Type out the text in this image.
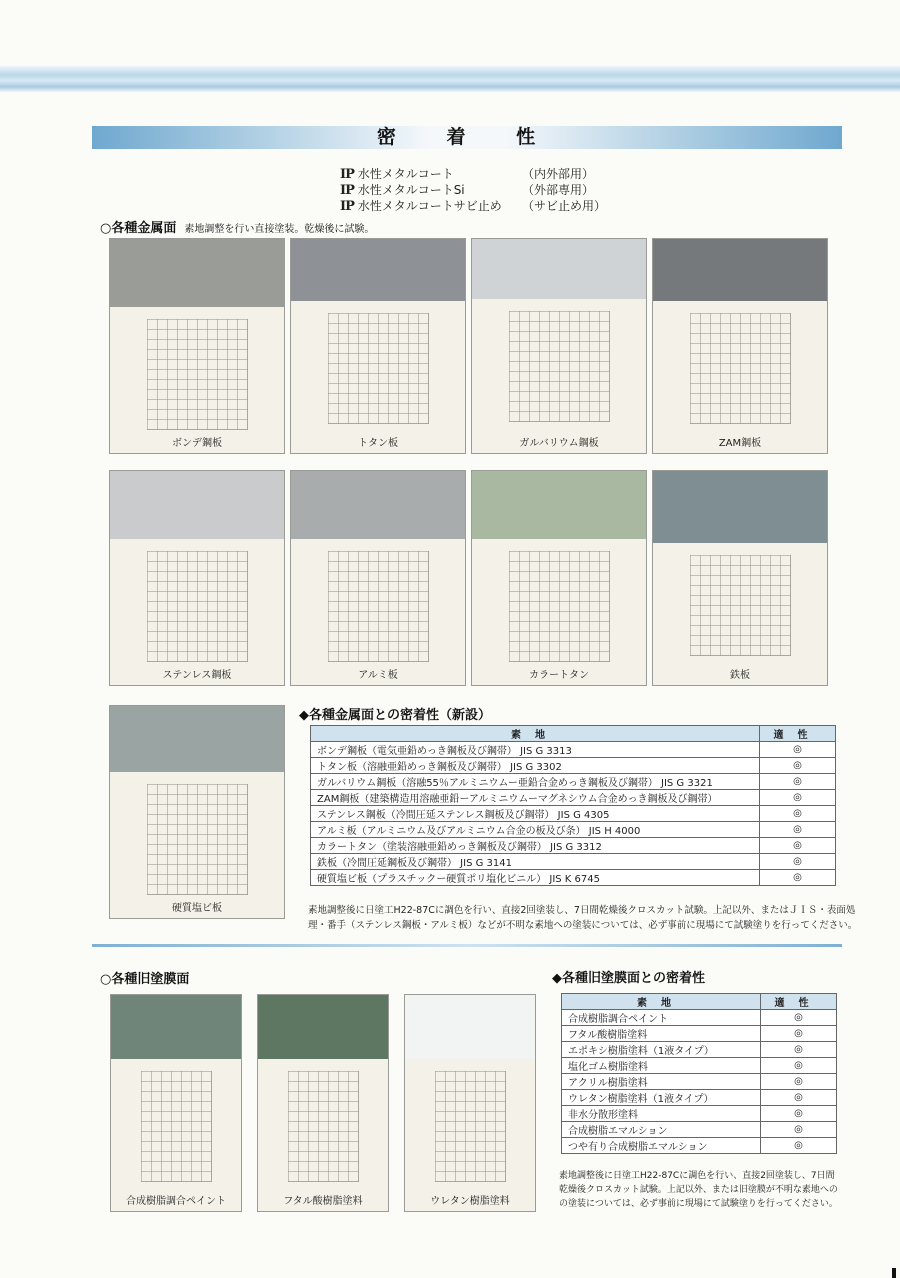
密 着 性
IP 水性メタルコート	（内外部用）
IP 水性メタルコートSi	（外部専用）
IP 水性メタルコートサビ止め （サビ止め用）
○各種金属面 素地調整を行い直接塗装。乾燥後に試験。
ボンデ鋼板	トタン板	ガルバリウム鋼板	ZAM鋼板
ステンレス鋼板	アルミ板	カラートタン	鉄板
硬質塩ビ板
◆各種金属面との密着性（新設）
素地	適性
ボンデ鋼板（電気亜鉛めっき鋼板及び鋼帯） JIS G 3313	◎
トタン板（溶融亜鉛めっき鋼板及び鋼帯） JIS G 3302	◎
ガルバリウム鋼板（溶融55％アルミニウムー亜鉛合金めっき鋼板及び鋼帯） JIS G 3321	◎
ZAM鋼板（建築構造用溶融亜鉛ーアルミニウムーマグネシウム合金めっき鋼板及び鋼帯）	◎
ステンレス鋼板（冷間圧延ステンレス鋼板及び鋼帯） JIS G 4305	◎
アルミ板（アルミニウム及びアルミニウム合金の板及び条） JIS H 4000	◎
カラートタン（塗装溶融亜鉛めっき鋼板及び鋼帯） JIS G 3312	◎
鉄板（冷間圧延鋼板及び鋼帯） JIS G 3141	◎
硬質塩ビ板（プラスチックー硬質ポリ塩化ビニル） JIS K 6745	◎
素地調整後に日塗工H22-87Cに調色を行い、直接2回塗装し、7日間乾燥後クロスカット試験。上記以外、またはＪＩＳ・表面処
理・番手（ステンレス鋼板・アルミ板）などが不明な素地への塗装については、必ず事前に現場にて試験塗りを行ってください。
○各種旧塗膜面
合成樹脂調合ペイント	フタル酸樹脂塗料	ウレタン樹脂塗料
◆各種旧塗膜面との密着性
素地	適性
合成樹脂調合ペイント	◎
フタル酸樹脂塗料	◎
エポキシ樹脂塗料（1液タイプ）	◎
塩化ゴム樹脂塗料	◎
アクリル樹脂塗料	◎
ウレタン樹脂塗料（1液タイプ）	◎
非水分散形塗料	◎
合成樹脂エマルション	◎
つや有り合成樹脂エマルション	◎
素地調整後に日塗工H22-87Cに調色を行い、直接2回塗装し、7日間
乾燥後クロスカット試験。上記以外、または旧塗膜が不明な素地への
の塗装については、必ず事前に現場にて試験塗りを行ってください。
